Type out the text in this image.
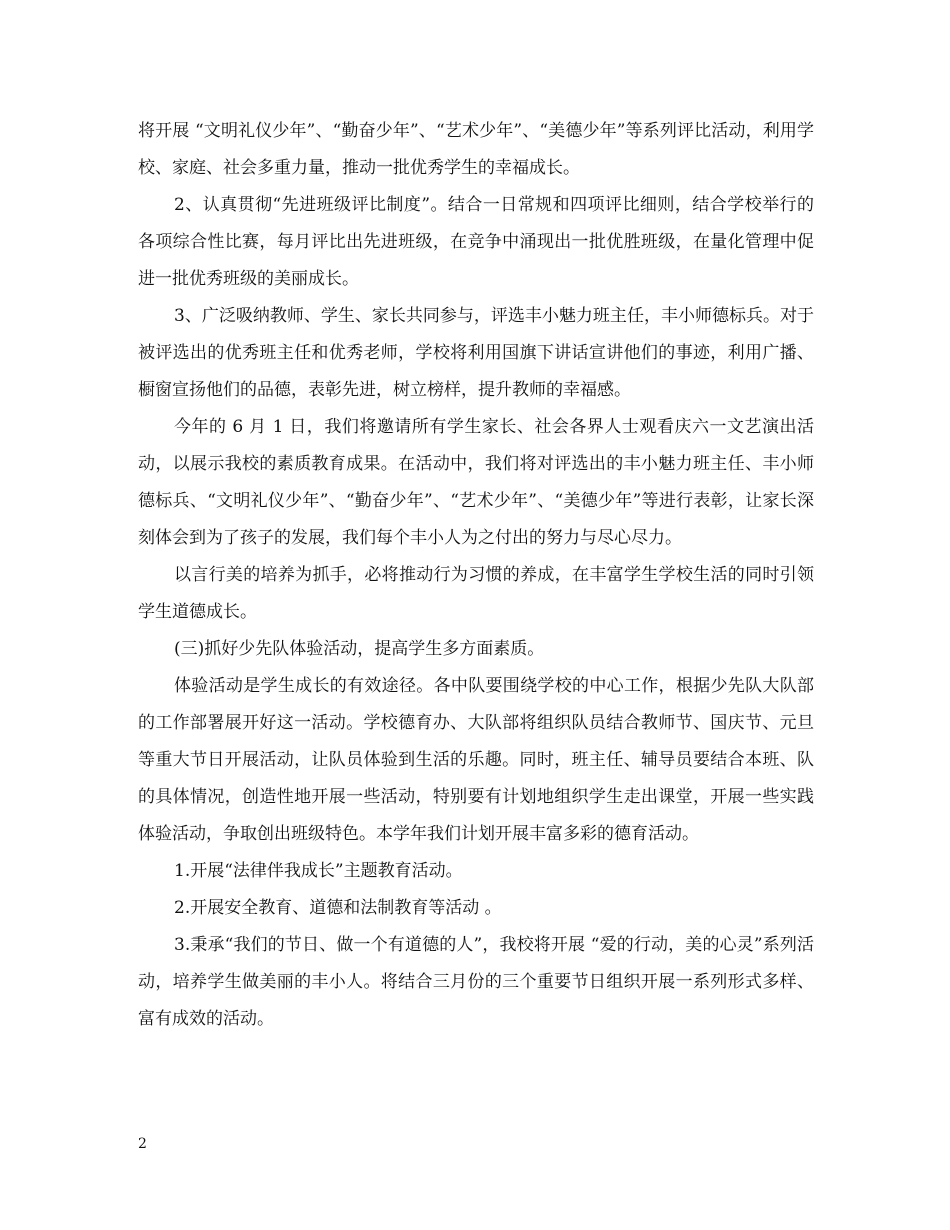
将开展 “文明礼仪少年”、“勤奋少年”、“艺术少年”、“美德少年”等系列评比活动，利用学校、家庭、社会多重力量，推动一批优秀学生的幸福成长。

2、认真贯彻“先进班级评比制度”。结合一日常规和四项评比细则，结合学校举行的各项综合性比赛，每月评比出先进班级，在竞争中涌现出一批优胜班级，在量化管理中促进一批优秀班级的美丽成长。

3、广泛吸纳教师、学生、家长共同参与，评选丰小魅力班主任，丰小师德标兵。对于被评选出的优秀班主任和优秀老师，学校将利用国旗下讲话宣讲他们的事迹，利用广播、橱窗宣扬他们的品德，表彰先进，树立榜样，提升教师的幸福感。

今年的 6 月 1 日，我们将邀请所有学生家长、社会各界人士观看庆六一文艺演出活动，以展示我校的素质教育成果。在活动中，我们将对评选出的丰小魅力班主任、丰小师德标兵、“文明礼仪少年”、“勤奋少年”、“艺术少年”、“美德少年”等进行表彰，让家长深刻体会到为了孩子的发展，我们每个丰小人为之付出的努力与尽心尽力。

以言行美的培养为抓手，必将推动行为习惯的养成，在丰富学生学校生活的同时引领学生道德成长。

(三)抓好少先队体验活动，提高学生多方面素质。

体验活动是学生成长的有效途径。各中队要围绕学校的中心工作，根据少先队大队部的工作部署展开好这一活动。学校德育办、大队部将组织队员结合教师节、国庆节、元旦等重大节日开展活动，让队员体验到生活的乐趣。同时，班主任、辅导员要结合本班、队的具体情况，创造性地开展一些活动，特别要有计划地组织学生走出课堂，开展一些实践体验活动，争取创出班级特色。本学年我们计划开展丰富多彩的德育活动。

1.开展“法律伴我成长”主题教育活动。

2.开展安全教育、道德和法制教育等活动 。

3.秉承“我们的节日、做一个有道德的人”，我校将开展 “爱的行动，美的心灵”系列活动，培养学生做美丽的丰小人。将结合三月份的三个重要节日组织开展一系列形式多样、富有成效的活动。

2
